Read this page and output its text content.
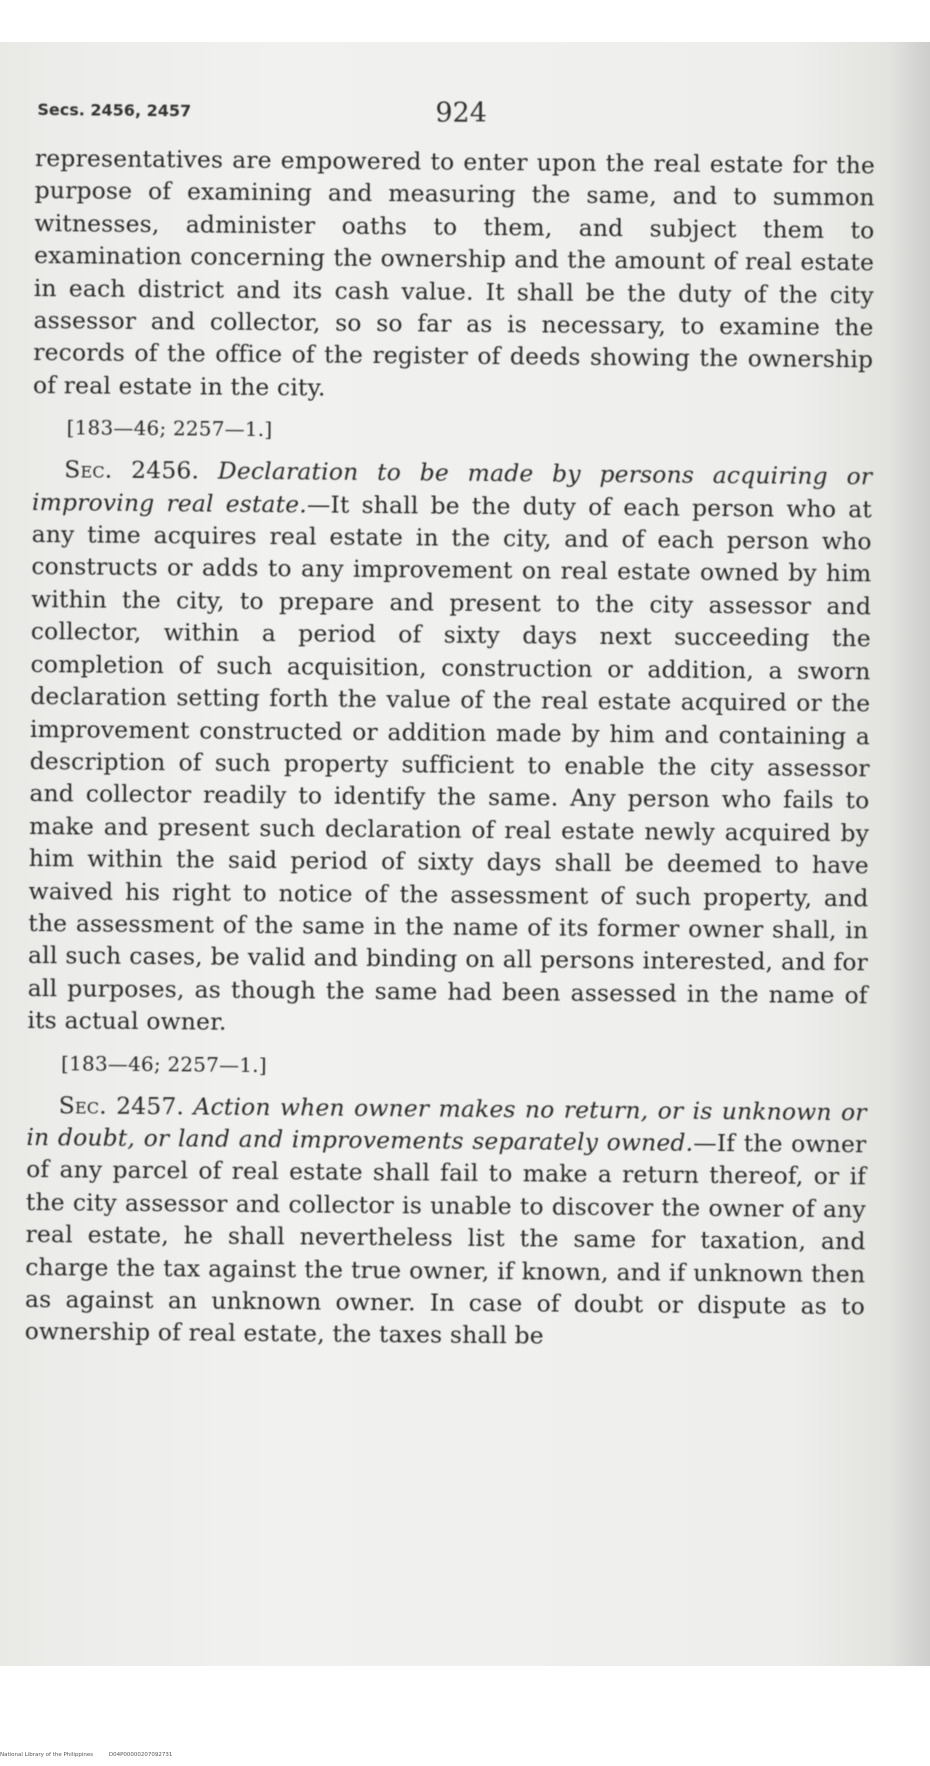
Secs. 2456, 2457	924

representatives are empowered to enter upon the real estate for the purpose of examining and measuring the same, and to summon witnesses, administer oaths to them, and subject them to examination concerning the ownership and the amount of real estate in each district and its cash value. It shall be the duty of the city assessor and collector, so so far as is necessary, to examine the records of the office of the register of deeds showing the ownership of real estate in the city.

[183—46; 2257—1.]

Sec. 2456. Declaration to be made by persons acquiring or improving real estate.—It shall be the duty of each person who at any time acquires real estate in the city, and of each person who constructs or adds to any improvement on real estate owned by him within the city, to prepare and present to the city assessor and collector, within a period of sixty days next succeeding the completion of such acquisition, construction or addition, a sworn declaration setting forth the value of the real estate acquired or the improvement constructed or addition made by him and containing a description of such property sufficient to enable the city assessor and collector readily to identify the same. Any person who fails to make and present such declaration of real estate newly acquired by him within the said period of sixty days shall be deemed to have waived his right to notice of the assessment of such property, and the assessment of the same in the name of its former owner shall, in all such cases, be valid and binding on all persons interested, and for all purposes, as though the same had been assessed in the name of its actual owner.

[183—46; 2257—1.]

Sec. 2457. Action when owner makes no return, or is unknown or in doubt, or land and improvements separately owned.—If the owner of any parcel of real estate shall fail to make a return thereof, or if the city assessor and collector is unable to discover the owner of any real estate, he shall nevertheless list the same for taxation, and charge the tax against the true owner, if known, and if unknown then as against an unknown owner. In case of doubt or dispute as to ownership of real estate, the taxes shall be

National Library of the Philippines	D04P00000207092731
